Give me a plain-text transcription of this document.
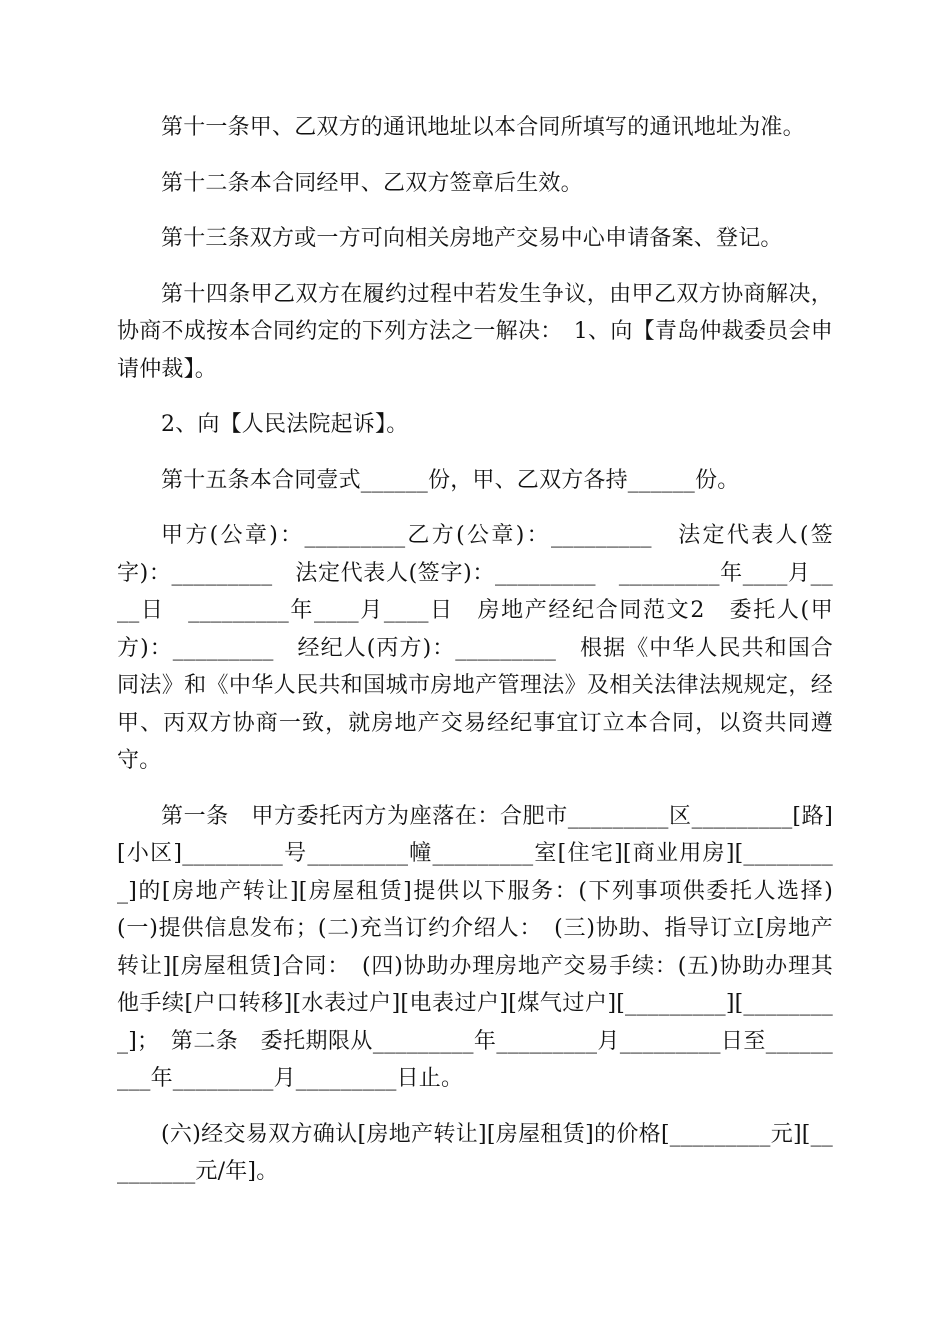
第十一条甲、乙双方的通讯地址以本合同所填写的通讯地址为准。

第十二条本合同经甲、乙双方签章后生效。

第十三条双方或一方可向相关房地产交易中心申请备案、登记。

第十四条甲乙双方在履约过程中若发生争议，由甲乙双方协商解决，协商不成按本合同约定的下列方法之一解决：　1、向【青岛仲裁委员会申请仲裁】。

2、向【人民法院起诉】。

第十五条本合同壹式______份，甲、乙双方各持______份。

甲方(公章)：_________乙方(公章)：_________　法定代表人(签字)：_________　法定代表人(签字)：_________　_________年____月____日　_________年____月____日　房地产经纪合同范文2　委托人(甲方)：_________　经纪人(丙方)：_________　根据《中华人民共和国合同法》和《中华人民共和国城市房地产管理法》及相关法律法规规定，经甲、丙双方协商一致，就房地产交易经纪事宜订立本合同，以资共同遵守。

第一条　甲方委托丙方为座落在：合肥市_________区_________[路][小区]_________号_________幢_________室[住宅][商业用房][_________]的[房地产转让][房屋租赁]提供以下服务：(下列事项供委托人选择)　(一)提供信息发布；(二)充当订约介绍人：　(三)协助、指导订立[房地产转让][房屋租赁]合同：　(四)协助办理房地产交易手续：(五)协助办理其他手续[户口转移][水表过户][电表过户][煤气过户][_________][_________]；　第二条　委托期限从_________年_________月_________日至_________年_________月_________日止。

(六)经交易双方确认[房地产转让][房屋租赁]的价格[_________元][_________元/年]。
